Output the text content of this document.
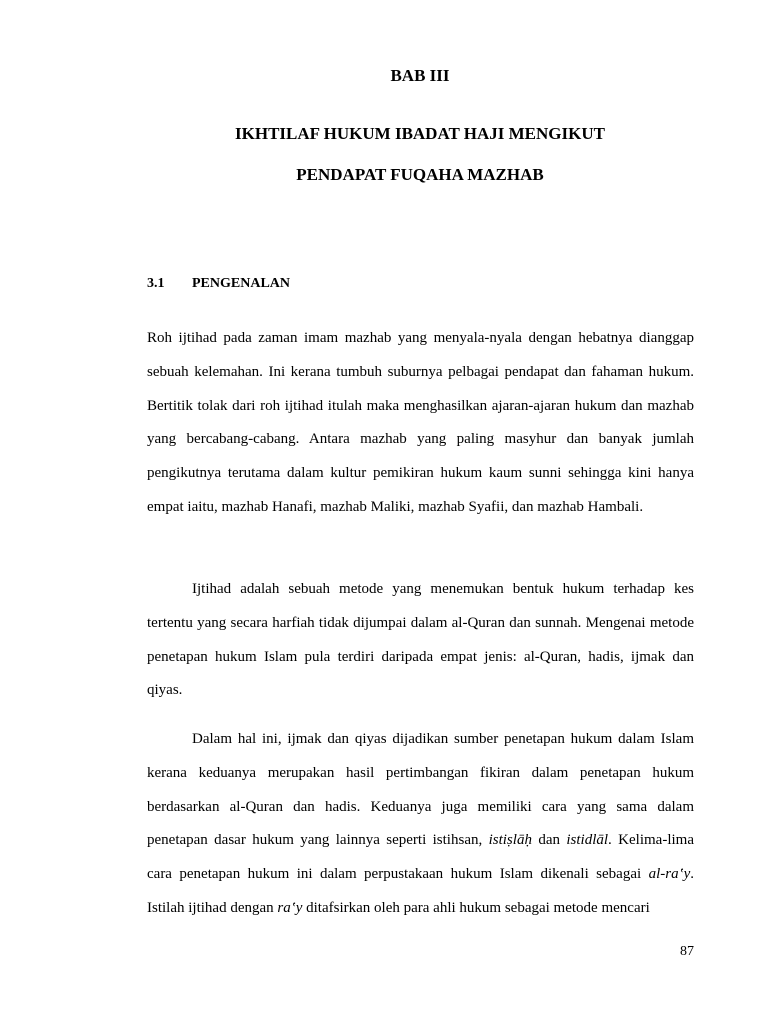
BAB III
IKHTILAF HUKUM IBADAT HAJI MENGIKUT
PENDAPAT FUQAHA MAZHAB
3.1 PENGENALAN

Roh ijtihad pada zaman imam mazhab yang menyala-nyala dengan hebatnya dianggap sebuah kelemahan. Ini kerana tumbuh suburnya pelbagai pendapat dan fahaman hukum. Bertitik tolak dari roh ijtihad itulah maka menghasilkan ajaran-ajaran hukum dan mazhab yang bercabang-cabang. Antara mazhab yang paling masyhur dan banyak jumlah pengikutnya terutama dalam kultur pemikiran hukum kaum sunni sehingga kini hanya empat iaitu, mazhab Hanafi, mazhab Maliki, mazhab Syafii, dan mazhab Hambali.

Ijtihad adalah sebuah metode yang menemukan bentuk hukum terhadap kes tertentu yang secara harfiah tidak dijumpai dalam al-Quran dan sunnah. Mengenai metode penetapan hukum Islam pula terdiri daripada empat jenis: al-Quran, hadis, ijmak dan qiyas.

Dalam hal ini, ijmak dan qiyas dijadikan sumber penetapan hukum dalam Islam kerana keduanya merupakan hasil pertimbangan fikiran dalam penetapan hukum berdasarkan al-Quran dan hadis. Keduanya juga memiliki cara yang sama dalam penetapan dasar hukum yang lainnya seperti istihsan, istiṣlāḥ dan istidlāl. Kelima-lima cara penetapan hukum ini dalam perpustakaan hukum Islam dikenali sebagai al-ra‛y. Istilah ijtihad dengan ra‛y ditafsirkan oleh para ahli hukum sebagai metode mencari

87
